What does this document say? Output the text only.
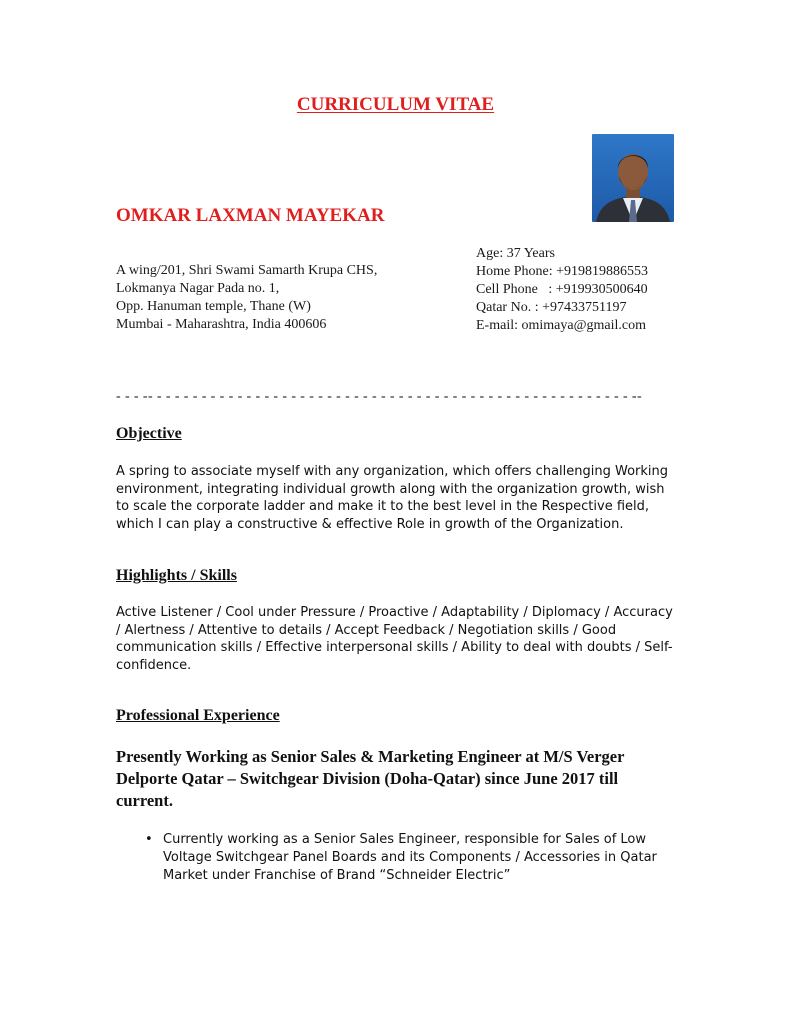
CURRICULUM VITAE
OMKAR LAXMAN MAYEKAR
Age: 37 Years
Home Phone: +919819886553
Cell Phone   : +919930500640
Qatar No. : +97433751197
E-mail: omimaya@gmail.com
A wing/201, Shri Swami Samarth Krupa CHS,
Lokmanya Nagar Pada no. 1,
Opp. Hanuman temple, Thane (W)
Mumbai - Maharashtra, India 400606
- - - -- - - - - - - - - - - - - - - - - - - - - - - - - - - - - - - - - - - - - - - - - - - - - - - - - - - - - - --
Objective

A spring to associate myself with any organization, which offers challenging Working environment, integrating individual growth along with the organization growth, wish to scale the corporate ladder and make it to the best level in the Respective field, which I can play a constructive & effective Role in growth of the Organization.

Highlights / Skills

Active Listener / Cool under Pressure / Proactive / Adaptability / Diplomacy / Accuracy / Alertness / Attentive to details / Accept Feedback / Negotiation skills / Good communication skills / Effective interpersonal skills / Ability to deal with doubts / Self-confidence.

Professional Experience

Presently Working as Senior Sales & Marketing Engineer at M/S Verger Delporte Qatar – Switchgear Division (Doha-Qatar) since June 2017 till current.

• Currently working as a Senior Sales Engineer, responsible for Sales of Low Voltage Switchgear Panel Boards and its Components / Accessories in Qatar Market under Franchise of Brand “Schneider Electric”
